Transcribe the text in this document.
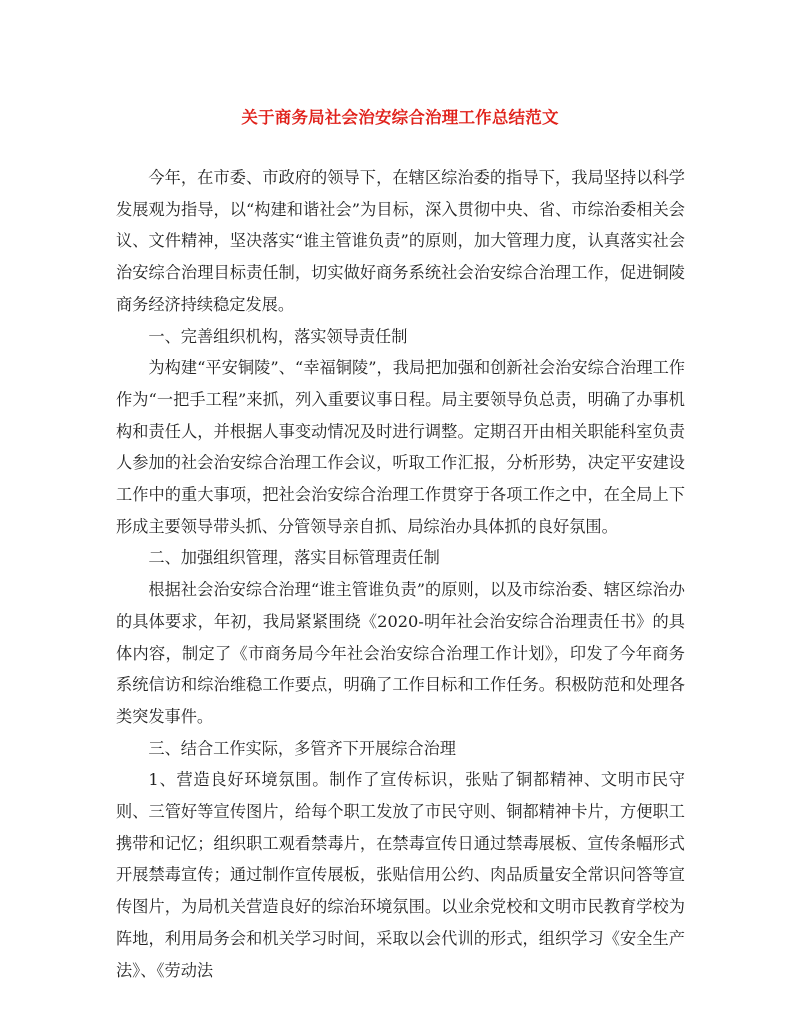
关于商务局社会治安综合治理工作总结范文

今年，在市委、市政府的领导下，在辖区综治委的指导下，我局坚持以科学发展观为指导，以“构建和谐社会”为目标，深入贯彻中央、省、市综治委相关会议、文件精神，坚决落实“谁主管谁负责”的原则，加大管理力度，认真落实社会治安综合治理目标责任制，切实做好商务系统社会治安综合治理工作，促进铜陵商务经济持续稳定发展。

一、完善组织机构，落实领导责任制

为构建“平安铜陵”、“幸福铜陵”，我局把加强和创新社会治安综合治理工作作为“一把手工程”来抓，列入重要议事日程。局主要领导负总责，明确了办事机构和责任人，并根据人事变动情况及时进行调整。定期召开由相关职能科室负责人参加的社会治安综合治理工作会议，听取工作汇报，分析形势，决定平安建设工作中的重大事项，把社会治安综合治理工作贯穿于各项工作之中，在全局上下形成主要领导带头抓、分管领导亲自抓、局综治办具体抓的良好氛围。

二、加强组织管理，落实目标管理责任制

根据社会治安综合治理“谁主管谁负责”的原则，以及市综治委、辖区综治办的具体要求，年初，我局紧紧围绕《2020-明年社会治安综合治理责任书》的具体内容，制定了《市商务局今年社会治安综合治理工作计划》，印发了今年商务系统信访和综治维稳工作要点，明确了工作目标和工作任务。积极防范和处理各类突发事件。

三、结合工作实际，多管齐下开展综合治理

1、营造良好环境氛围。制作了宣传标识，张贴了铜都精神、文明市民守则、三管好等宣传图片，给每个职工发放了市民守则、铜都精神卡片，方便职工携带和记忆；组织职工观看禁毒片，在禁毒宣传日通过禁毒展板、宣传条幅形式开展禁毒宣传；通过制作宣传展板，张贴信用公约、肉品质量安全常识问答等宣传图片，为局机关营造良好的综治环境氛围。以业余党校和文明市民教育学校为阵地，利用局务会和机关学习时间，采取以会代训的形式，组织学习《安全生产法》、《劳动法
